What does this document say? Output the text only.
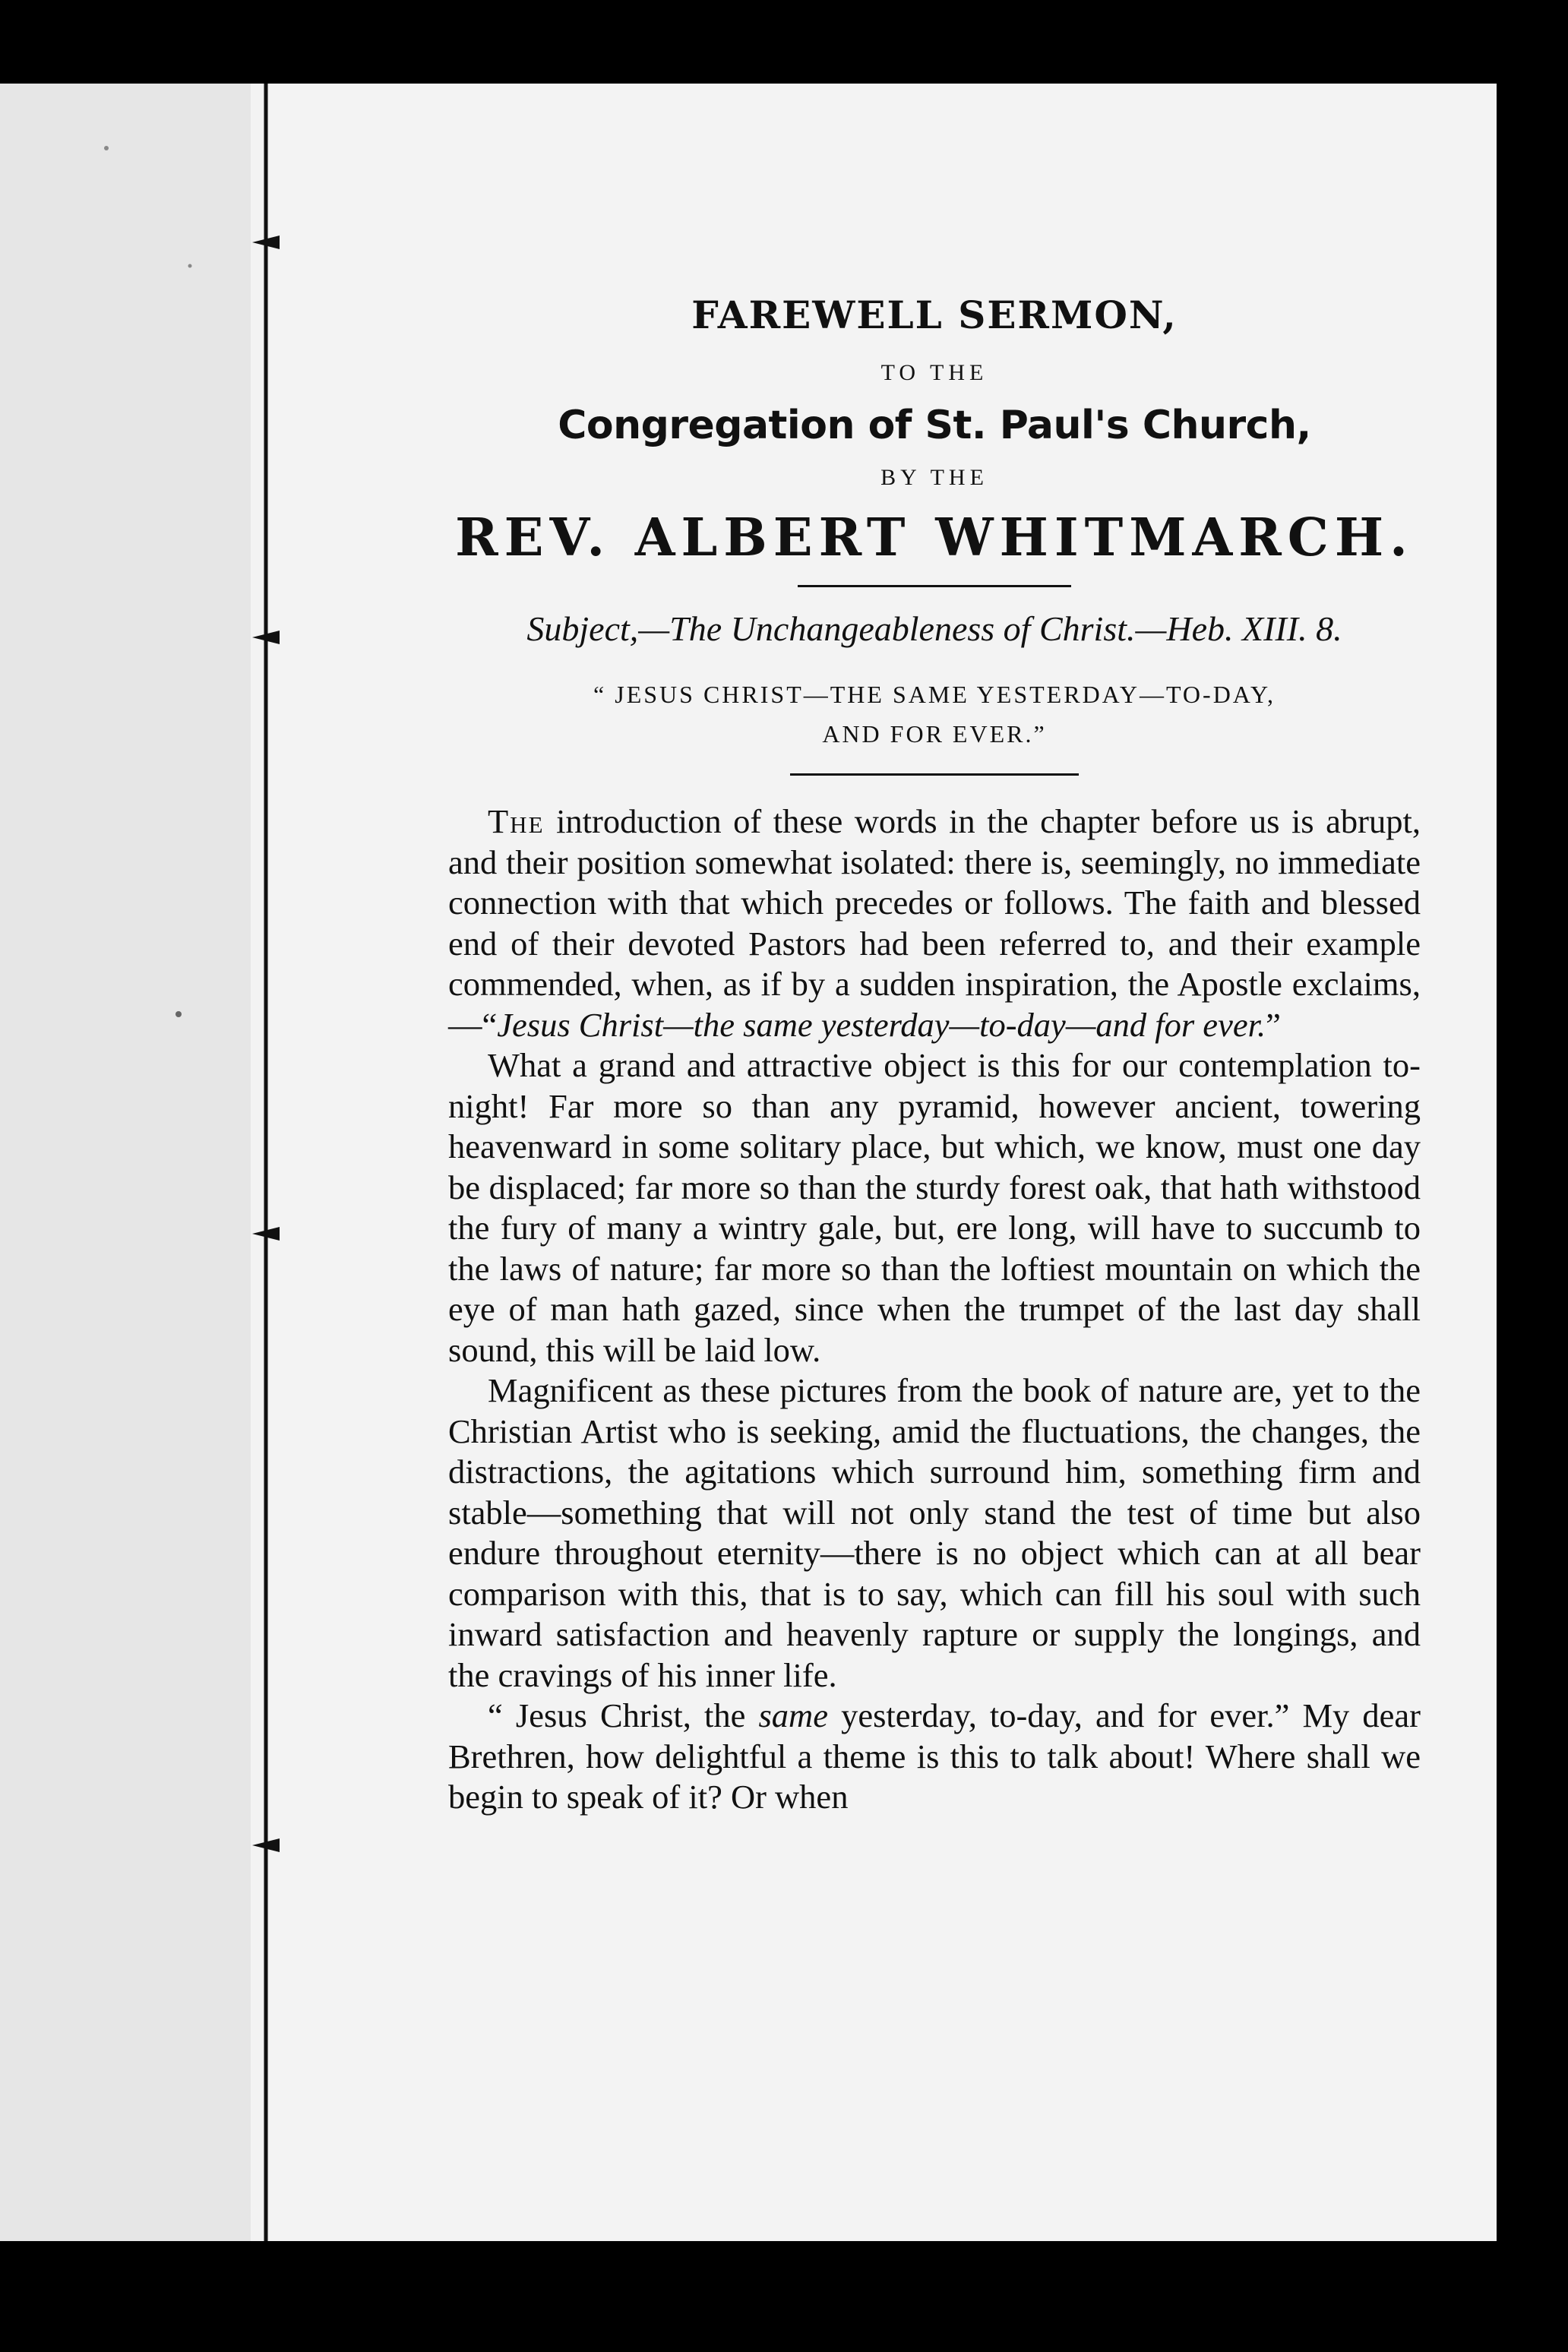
FAREWELL SERMON,
TO THE
Congregation of St. Paul's Church,
BY THE
REV. ALBERT WHITMARCH.
Subject,—The Unchangeableness of Christ.—Heb. XIII. 8.
“ JESUS CHRIST—THE SAME YESTERDAY—TO-DAY,
AND FOR EVER.”

The introduction of these words in the chapter before us is abrupt, and their position somewhat isolated: there is, seemingly, no immediate connection with that which precedes or follows. The faith and blessed end of their devoted Pastors had been referred to, and their example commended, when, as if by a sudden inspiration, the Apostle exclaims,—“Jesus Christ—the same yesterday—to-day—and for ever.”

What a grand and attractive object is this for our contemplation to-night! Far more so than any pyramid, however ancient, towering heavenward in some solitary place, but which, we know, must one day be displaced; far more so than the sturdy forest oak, that hath withstood the fury of many a wintry gale, but, ere long, will have to succumb to the laws of nature; far more so than the loftiest mountain on which the eye of man hath gazed, since when the trumpet of the last day shall sound, this will be laid low.

Magnificent as these pictures from the book of nature are, yet to the Christian Artist who is seeking, amid the fluctuations, the changes, the distractions, the agitations which surround him, something firm and stable—something that will not only stand the test of time but also endure throughout eternity—there is no object which can at all bear comparison with this, that is to say, which can fill his soul with such inward satisfaction and heavenly rapture or supply the longings, and the cravings of his inner life.

“ Jesus Christ, the same yesterday, to-day, and for ever.” My dear Brethren, how delightful a theme is this to talk about! Where shall we begin to speak of it? Or when
